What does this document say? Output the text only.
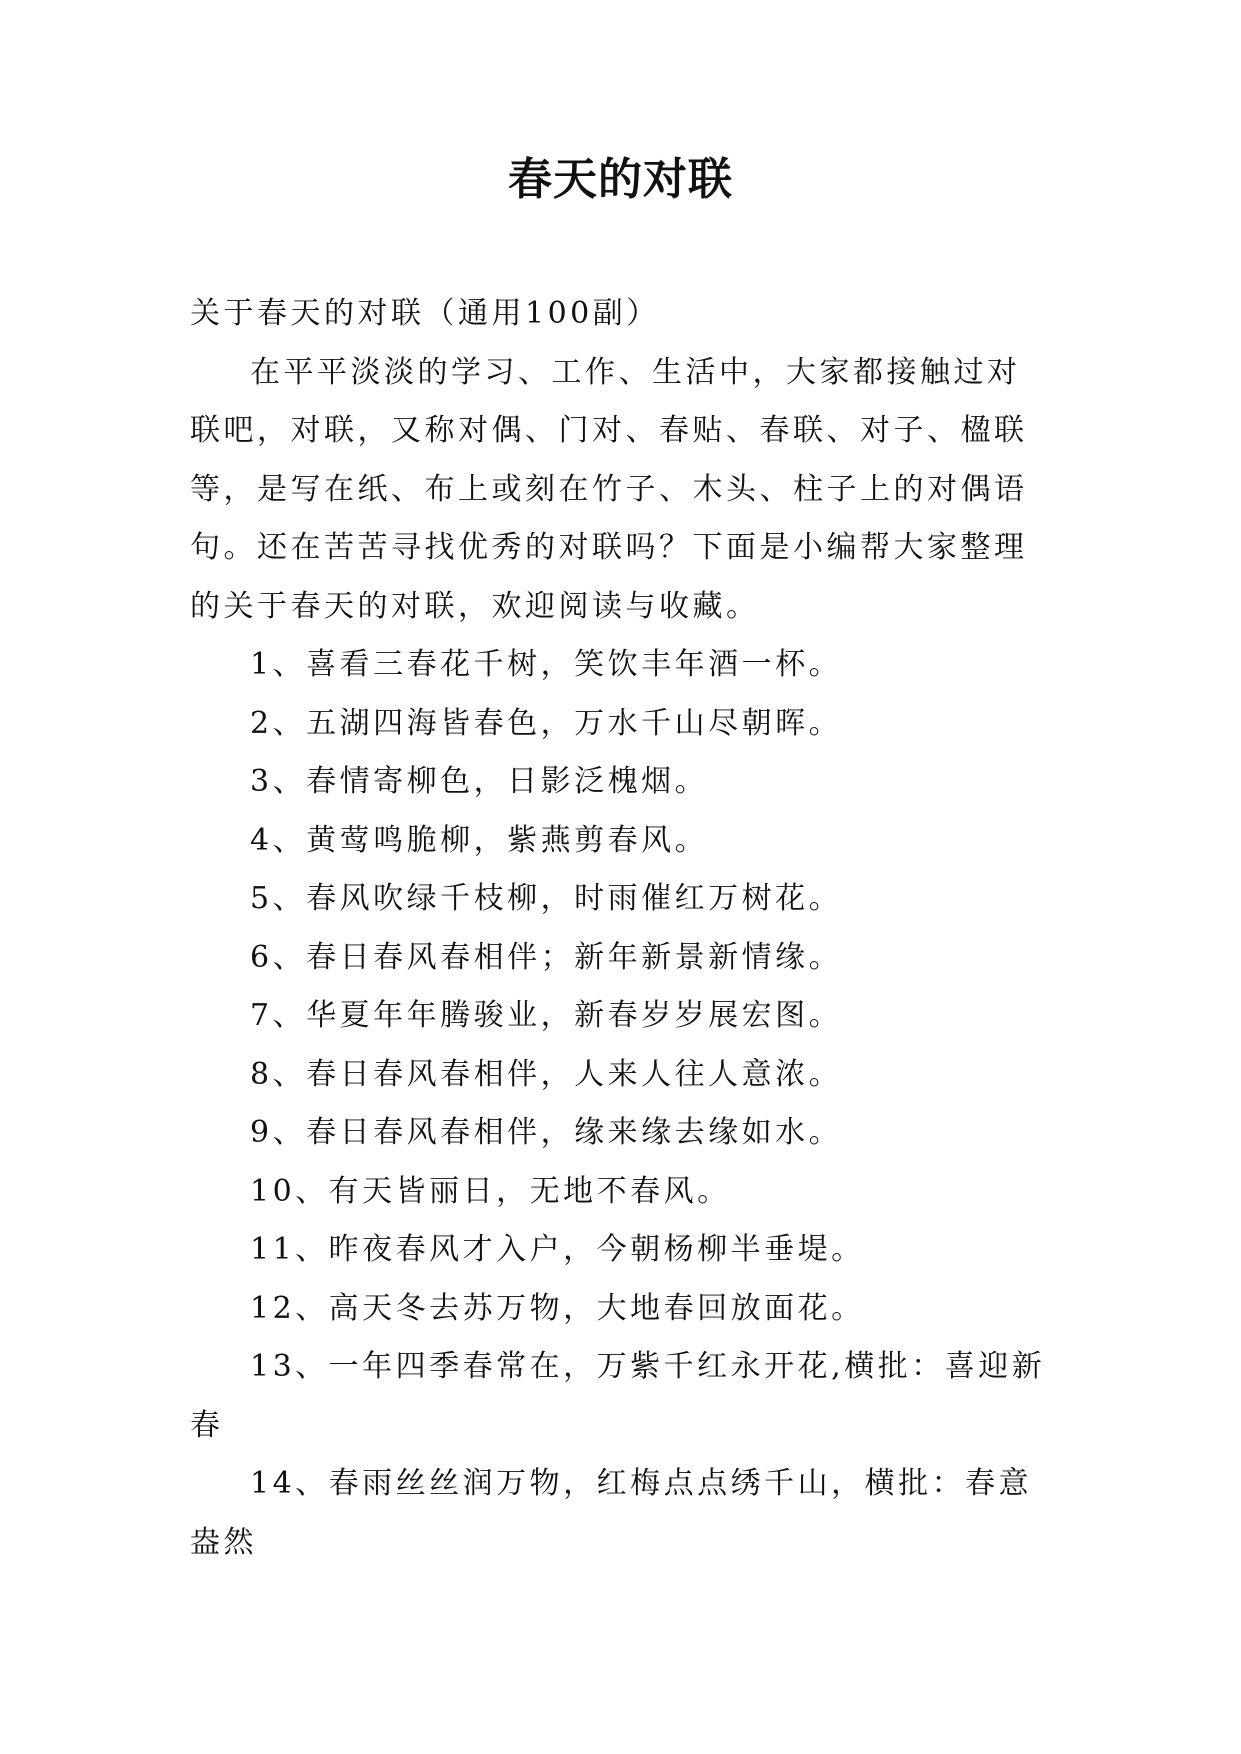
春天的对联

关于春天的对联（通用100副）

在平平淡淡的学习、工作、生活中，大家都接触过对联吧，对联，又称对偶、门对、春贴、春联、对子、楹联等，是写在纸、布上或刻在竹子、木头、柱子上的对偶语句。还在苦苦寻找优秀的对联吗？下面是小编帮大家整理的关于春天的对联，欢迎阅读与收藏。

1、喜看三春花千树，笑饮丰年酒一杯。

2、五湖四海皆春色，万水千山尽朝晖。

3、春情寄柳色，日影泛槐烟。

4、黄莺鸣脆柳，紫燕剪春风。

5、春风吹绿千枝柳，时雨催红万树花。

6、春日春风春相伴；新年新景新情缘。

7、华夏年年腾骏业，新春岁岁展宏图。

8、春日春风春相伴，人来人往人意浓。

9、春日春风春相伴，缘来缘去缘如水。

10、有天皆丽日，无地不春风。

11、昨夜春风才入户，今朝杨柳半垂堤。

12、高天冬去苏万物，大地春回放面花。

13、一年四季春常在，万紫千红永开花,横批：喜迎新春

14、春雨丝丝润万物，红梅点点绣千山，横批：春意盎然
